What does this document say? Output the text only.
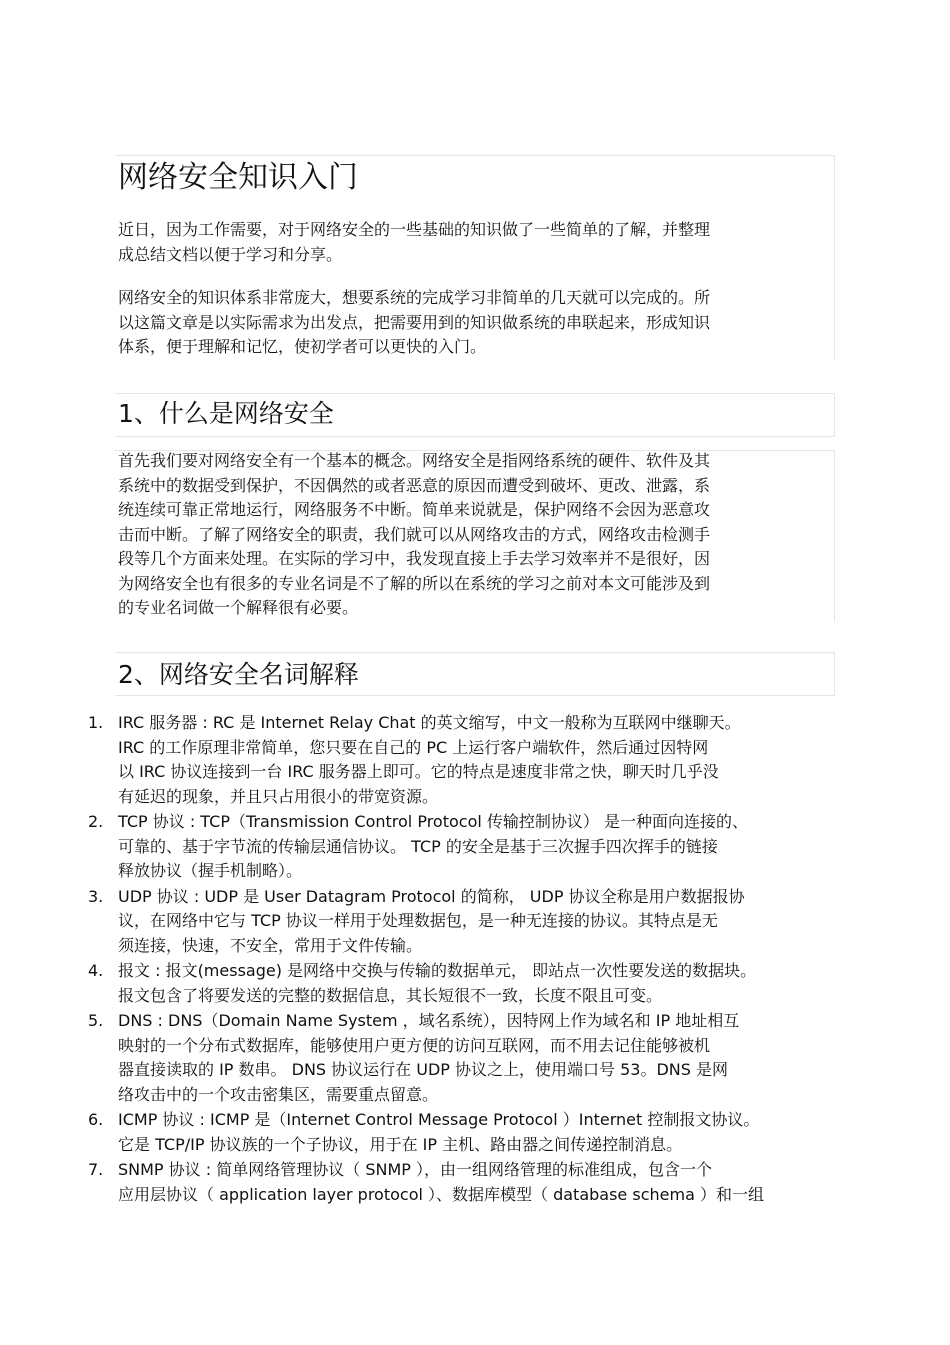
网络安全知识入门
近日，因为工作需要，对于网络安全的一些基础的知识做了一些简单的了解，并整理
成总结文档以便于学习和分享。
网络安全的知识体系非常庞大，想要系统的完成学习非简单的几天就可以完成的。所
以这篇文章是以实际需求为出发点，把需要用到的知识做系统的串联起来，形成知识
体系，便于理解和记忆，使初学者可以更快的入门。
1、什么是网络安全
首先我们要对网络安全有一个基本的概念。网络安全是指网络系统的硬件、软件及其
系统中的数据受到保护，不因偶然的或者恶意的原因而遭受到破坏、更改、泄露，系
统连续可靠正常地运行，网络服务不中断。简单来说就是，保护网络不会因为恶意攻
击而中断。了解了网络安全的职责，我们就可以从网络攻击的方式，网络攻击检测手
段等几个方面来处理。在实际的学习中，我发现直接上手去学习效率并不是很好，因
为网络安全也有很多的专业名词是不了解的所以在系统的学习之前对本文可能涉及到
的专业名词做一个解释很有必要。
2、网络安全名词解释
1. IRC 服务器 : RC 是 Internet Relay Chat 的英文缩写，中文一般称为互联网中继聊天。
IRC 的工作原理非常简单，您只要在自己的 PC 上运行客户端软件，然后通过因特网
以 IRC 协议连接到一台 IRC 服务器上即可。它的特点是速度非常之快，聊天时几乎没
有延迟的现象，并且只占用很小的带宽资源。
2. TCP 协议 : TCP（Transmission Control Protocol 传输控制协议） 是一种面向连接的、
可靠的、基于字节流的传输层通信协议。 TCP 的安全是基于三次握手四次挥手的链接
释放协议（握手机制略）。
3. UDP 协议 : UDP 是 User Datagram Protocol 的简称， UDP 协议全称是用户数据报协
议，在网络中它与 TCP 协议一样用于处理数据包，是一种无连接的协议。其特点是无
须连接，快速，不安全，常用于文件传输。
4. 报文 : 报文(message) 是网络中交换与传输的数据单元， 即站点一次性要发送的数据块。
报文包含了将要发送的完整的数据信息，其长短很不一致，长度不限且可变。
5. DNS : DNS（Domain Name System ，域名系统），因特网上作为域名和 IP 地址相互
映射的一个分布式数据库，能够使用户更方便的访问互联网，而不用去记住能够被机
器直接读取的 IP 数串。 DNS 协议运行在 UDP 协议之上，使用端口号 53。DNS 是网
络攻击中的一个攻击密集区，需要重点留意。
6. ICMP 协议 : ICMP 是（Internet Control Message Protocol ）Internet 控制报文协议。
它是 TCP/IP 协议族的一个子协议，用于在 IP 主机、路由器之间传递控制消息。
7. SNMP 协议 : 简单网络管理协议（ SNMP ），由一组网络管理的标准组成，包含一个
应用层协议（ application layer protocol ）、数据库模型（ database schema ）和一组
